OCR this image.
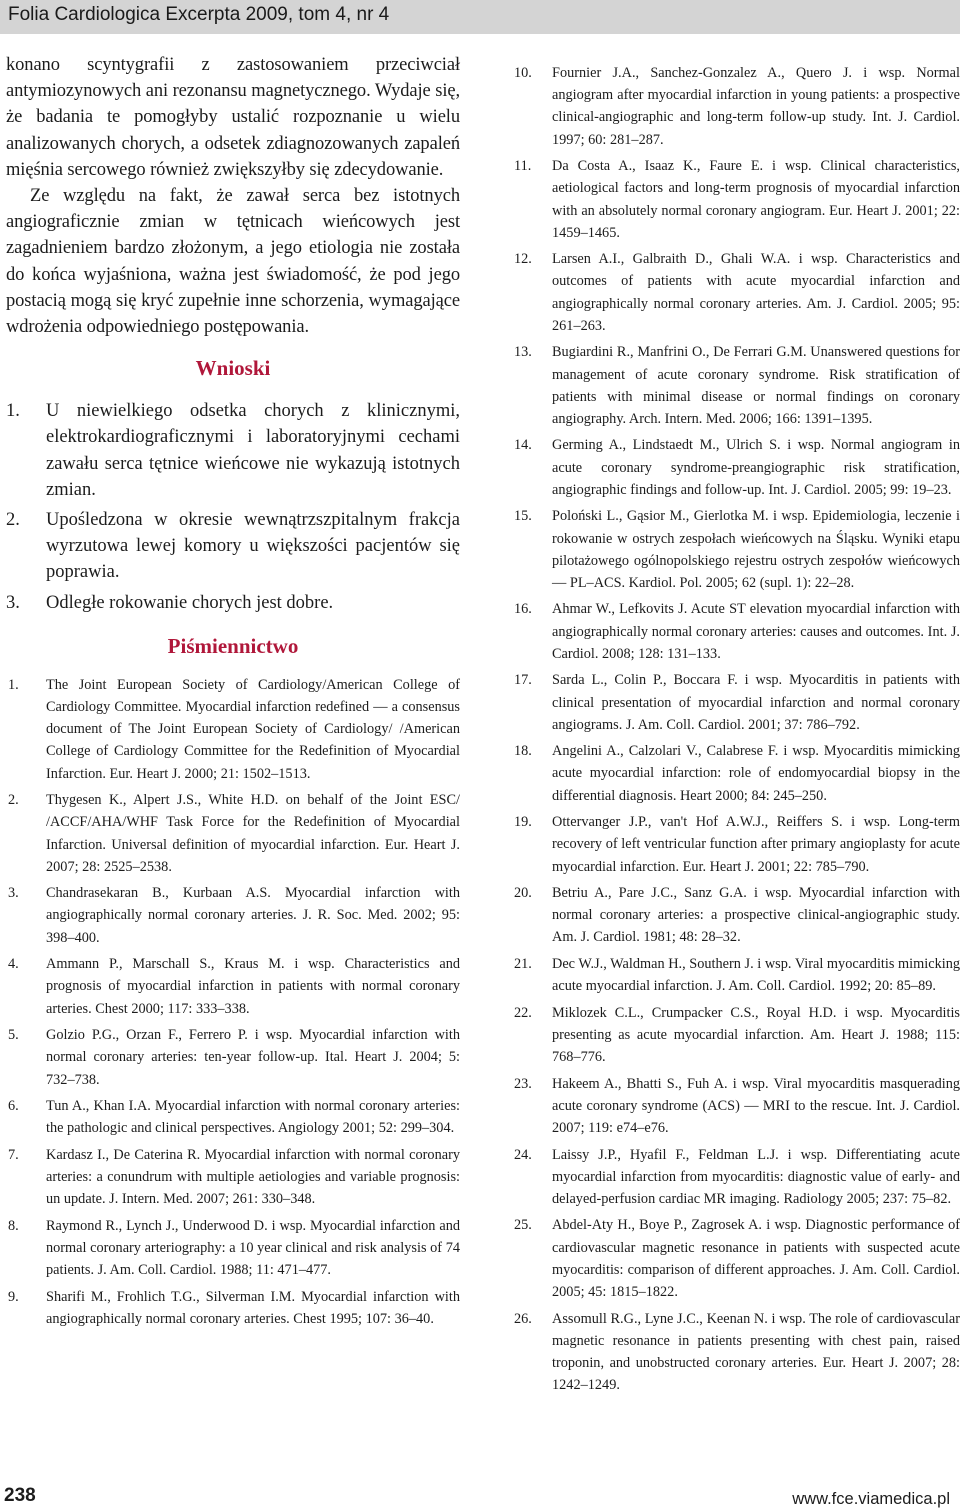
Folia Cardiologica Excerpta 2009, tom 4, nr 4

konano scyntygrafii z zastosowaniem przeciwciał antymiozynowych ani rezonansu magnetycznego. Wydaje się, że badania te pomogłyby ustalić rozpoznanie u wielu analizowanych chorych, a odsetek zdiagnozowanych zapaleń mięśnia sercowego również zwiększyłby się zdecydowanie.

Ze względu na fakt, że zawał serca bez istotnych angiograficznie zmian w tętnicach wieńcowych jest zagadnieniem bardzo złożonym, a jego etiologia nie została do końca wyjaśniona, ważna jest świadomość, że pod jego postacią mogą się kryć zupełnie inne schorzenia, wymagające wdrożenia odpowiedniego postępowania.

Wnioski
1. U niewielkiego odsetka chorych z klinicznymi, elektrokardiograficznymi i laboratoryjnymi cechami zawału serca tętnice wieńcowe nie wykazują istotnych zmian.
2. Upośledzona w okresie wewnątrzszpitalnym frakcja wyrzutowa lewej komory u większości pacjentów się poprawia.
3. Odległe rokowanie chorych jest dobre.
Piśmiennictwo
1. The Joint European Society of Cardiology/American College of Cardiology Committee. Myocardial infarction redefined — a consensus document of The Joint European Society of Cardiology/ /American College of Cardiology Committee for the Redefinition of Myocardial Infarction. Eur. Heart J. 2000; 21: 1502–1513.
2. Thygesen K., Alpert J.S., White H.D. on behalf of the Joint ESC/ /ACCF/AHA/WHF Task Force for the Redefinition of Myocardial Infarction. Universal definition of myocardial infarction. Eur. Heart J. 2007; 28: 2525–2538.
3. Chandrasekaran B., Kurbaan A.S. Myocardial infarction with angiographically normal coronary arteries. J. R. Soc. Med. 2002; 95: 398–400.
4. Ammann P., Marschall S., Kraus M. i wsp. Characteristics and prognosis of myocardial infarction in patients with normal coronary arteries. Chest 2000; 117: 333–338.
5. Golzio P.G., Orzan F., Ferrero P. i wsp. Myocardial infarction with normal coronary arteries: ten-year follow-up. Ital. Heart J. 2004; 5: 732–738.
6. Tun A., Khan I.A. Myocardial infarction with normal coronary arteries: the pathologic and clinical perspectives. Angiology 2001; 52: 299–304.
7. Kardasz I., De Caterina R. Myocardial infarction with normal coronary arteries: a conundrum with multiple aetiologies and variable prognosis: un update. J. Intern. Med. 2007; 261: 330–348.
8. Raymond R., Lynch J., Underwood D. i wsp. Myocardial infarction and normal coronary arteriography: a 10 year clinical and risk analysis of 74 patients. J. Am. Coll. Cardiol. 1988; 11: 471–477.
9. Sharifi M., Frohlich T.G., Silverman I.M. Myocardial infarction with angiographically normal coronary arteries. Chest 1995; 107: 36–40.
10. Fournier J.A., Sanchez-Gonzalez A., Quero J. i wsp. Normal angiogram after myocardial infarction in young patients: a prospective clinical-angiographic and long-term follow-up study. Int. J. Cardiol. 1997; 60: 281–287.
11. Da Costa A., Isaaz K., Faure E. i wsp. Clinical characteristics, aetiological factors and long-term prognosis of myocardial infarction with an absolutely normal coronary angiogram. Eur. Heart J. 2001; 22: 1459–1465.
12. Larsen A.I., Galbraith D., Ghali W.A. i wsp. Characteristics and outcomes of patients with acute myocardial infarction and angiographically normal coronary arteries. Am. J. Cardiol. 2005; 95: 261–263.
13. Bugiardini R., Manfrini O., De Ferrari G.M. Unanswered questions for management of acute coronary syndrome. Risk stratification of patients with minimal disease or normal findings on coronary angiography. Arch. Intern. Med. 2006; 166: 1391–1395.
14. Germing A., Lindstaedt M., Ulrich S. i wsp. Normal angiogram in acute coronary syndrome-preangiographic risk stratification, angiographic findings and follow-up. Int. J. Cardiol. 2005; 99: 19–23.
15. Poloński L., Gąsior M., Gierlotka M. i wsp. Epidemiologia, leczenie i rokowanie w ostrych zespołach wieńcowych na Śląsku. Wyniki etapu pilotażowego ogólnopolskiego rejestru ostrych zespołów wieńcowych — PL–ACS. Kardiol. Pol. 2005; 62 (supl. 1): 22–28.
16. Ahmar W., Lefkovits J. Acute ST elevation myocardial infarction with angiographically normal coronary arteries: causes and outcomes. Int. J. Cardiol. 2008; 128: 131–133.
17. Sarda L., Colin P., Boccara F. i wsp. Myocarditis in patients with clinical presentation of myocardial infarction and normal coronary angiograms. J. Am. Coll. Cardiol. 2001; 37: 786–792.
18. Angelini A., Calzolari V., Calabrese F. i wsp. Myocarditis mimicking acute myocardial infarction: role of endomyocardial biopsy in the differential diagnosis. Heart 2000; 84: 245–250.
19. Ottervanger J.P., van't Hof A.W.J., Reiffers S. i wsp. Long-term recovery of left ventricular function after primary angioplasty for acute myocardial infarction. Eur. Heart J. 2001; 22: 785–790.
20. Betriu A., Pare J.C., Sanz G.A. i wsp. Myocardial infarction with normal coronary arteries: a prospective clinical-angiographic study. Am. J. Cardiol. 1981; 48: 28–32.
21. Dec W.J., Waldman H., Southern J. i wsp. Viral myocarditis mimicking acute myocardial infarction. J. Am. Coll. Cardiol. 1992; 20: 85–89.
22. Miklozek C.L., Crumpacker C.S., Royal H.D. i wsp. Myocarditis presenting as acute myocardial infarction. Am. Heart J. 1988; 115: 768–776.
23. Hakeem A., Bhatti S., Fuh A. i wsp. Viral myocarditis masquerading acute coronary syndrome (ACS) — MRI to the rescue. Int. J. Cardiol. 2007; 119: e74–e76.
24. Laissy J.P., Hyafil F., Feldman L.J. i wsp. Differentiating acute myocardial infarction from myocarditis: diagnostic value of early- and delayed-perfusion cardiac MR imaging. Radiology 2005; 237: 75–82.
25. Abdel-Aty H., Boye P., Zagrosek A. i wsp. Diagnostic performance of cardiovascular magnetic resonance in patients with suspected acute myocarditis: comparison of different approaches. J. Am. Coll. Cardiol. 2005; 45: 1815–1822.
26. Assomull R.G., Lyne J.C., Keenan N. i wsp. The role of cardiovascular magnetic resonance in patients presenting with chest pain, raised troponin, and unobstructed coronary arteries. Eur. Heart J. 2007; 28: 1242–1249.
238	www.fce.viamedica.pl
